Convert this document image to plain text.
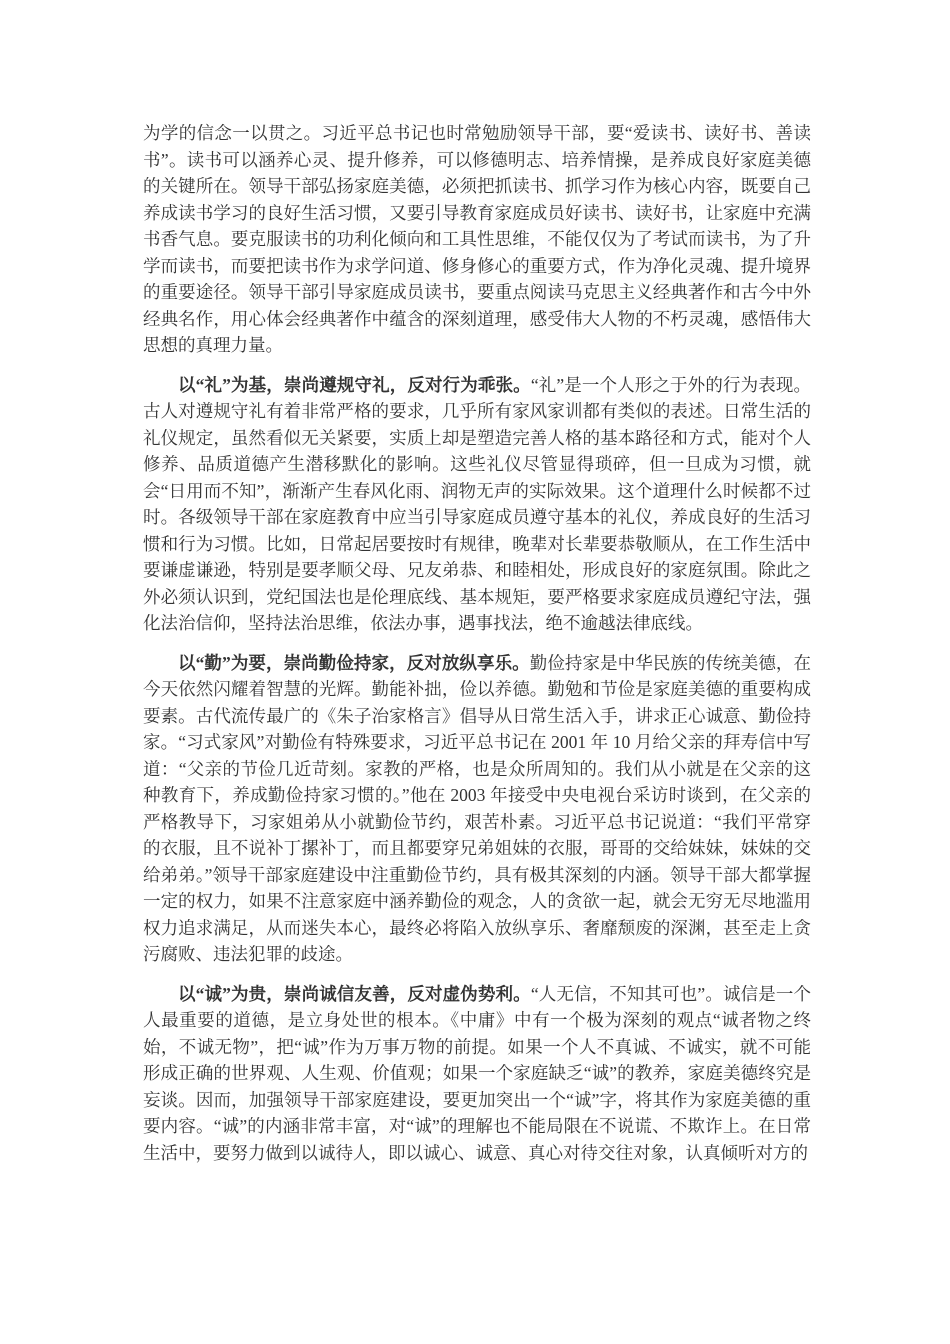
为学的信念一以贯之。习近平总书记也时常勉励领导干部，要“爱读书、读好书、善读书”。读书可以涵养心灵、提升修养，可以修德明志、培养情操，是养成良好家庭美德的关键所在。领导干部弘扬家庭美德，必须把抓读书、抓学习作为核心内容，既要自己养成读书学习的良好生活习惯，又要引导教育家庭成员好读书、读好书，让家庭中充满书香气息。要克服读书的功利化倾向和工具性思维，不能仅仅为了考试而读书，为了升学而读书，而要把读书作为求学问道、修身修心的重要方式，作为净化灵魂、提升境界的重要途径。领导干部引导家庭成员读书，要重点阅读马克思主义经典著作和古今中外经典名作，用心体会经典著作中蕴含的深刻道理，感受伟大人物的不朽灵魂，感悟伟大思想的真理力量。

以“礼”为基，崇尚遵规守礼，反对行为乖张。“礼”是一个人形之于外的行为表现。古人对遵规守礼有着非常严格的要求，几乎所有家风家训都有类似的表述。日常生活的礼仪规定，虽然看似无关紧要，实质上却是塑造完善人格的基本路径和方式，能对个人修养、品质道德产生潜移默化的影响。这些礼仪尽管显得琐碎，但一旦成为习惯，就会“日用而不知”，渐渐产生春风化雨、润物无声的实际效果。这个道理什么时候都不过时。各级领导干部在家庭教育中应当引导家庭成员遵守基本的礼仪，养成良好的生活习惯和行为习惯。比如，日常起居要按时有规律，晚辈对长辈要恭敬顺从，在工作生活中要谦虚谦逊，特别是要孝顺父母、兄友弟恭、和睦相处，形成良好的家庭氛围。除此之外必须认识到，党纪国法也是伦理底线、基本规矩，要严格要求家庭成员遵纪守法，强化法治信仰，坚持法治思维，依法办事，遇事找法，绝不逾越法律底线。

以“勤”为要，崇尚勤俭持家，反对放纵享乐。勤俭持家是中华民族的传统美德，在今天依然闪耀着智慧的光辉。勤能补拙，俭以养德。勤勉和节俭是家庭美德的重要构成要素。古代流传最广的《朱子治家格言》倡导从日常生活入手，讲求正心诚意、勤俭持家。“习式家风”对勤俭有特殊要求，习近平总书记在 2001 年 10 月给父亲的拜寿信中写道：“父亲的节俭几近苛刻。家教的严格，也是众所周知的。我们从小就是在父亲的这种教育下，养成勤俭持家习惯的。”他在 2003 年接受中央电视台采访时谈到，在父亲的严格教导下，习家姐弟从小就勤俭节约，艰苦朴素。习近平总书记说道：“我们平常穿的衣服，且不说补丁摞补丁，而且都要穿兄弟姐妹的衣服，哥哥的交给妹妹，妹妹的交给弟弟。”领导干部家庭建设中注重勤俭节约，具有极其深刻的内涵。领导干部大都掌握一定的权力，如果不注意家庭中涵养勤俭的观念，人的贪欲一起，就会无穷无尽地滥用权力追求满足，从而迷失本心，最终必将陷入放纵享乐、奢靡颓废的深渊，甚至走上贪污腐败、违法犯罪的歧途。

以“诚”为贵，崇尚诚信友善，反对虚伪势利。“人无信，不知其可也”。诚信是一个人最重要的道德，是立身处世的根本。《中庸》中有一个极为深刻的观点“诚者物之终始，不诚无物”，把“诚”作为万事万物的前提。如果一个人不真诚、不诚实，就不可能形成正确的世界观、人生观、价值观；如果一个家庭缺乏“诚”的教养，家庭美德终究是妄谈。因而，加强领导干部家庭建设，要更加突出一个“诚”字，将其作为家庭美德的重要内容。“诚”的内涵非常丰富，对“诚”的理解也不能局限在不说谎、不欺诈上。在日常生活中，要努力做到以诚待人，即以诚心、诚意、真心对待交往对象，认真倾听对方的
